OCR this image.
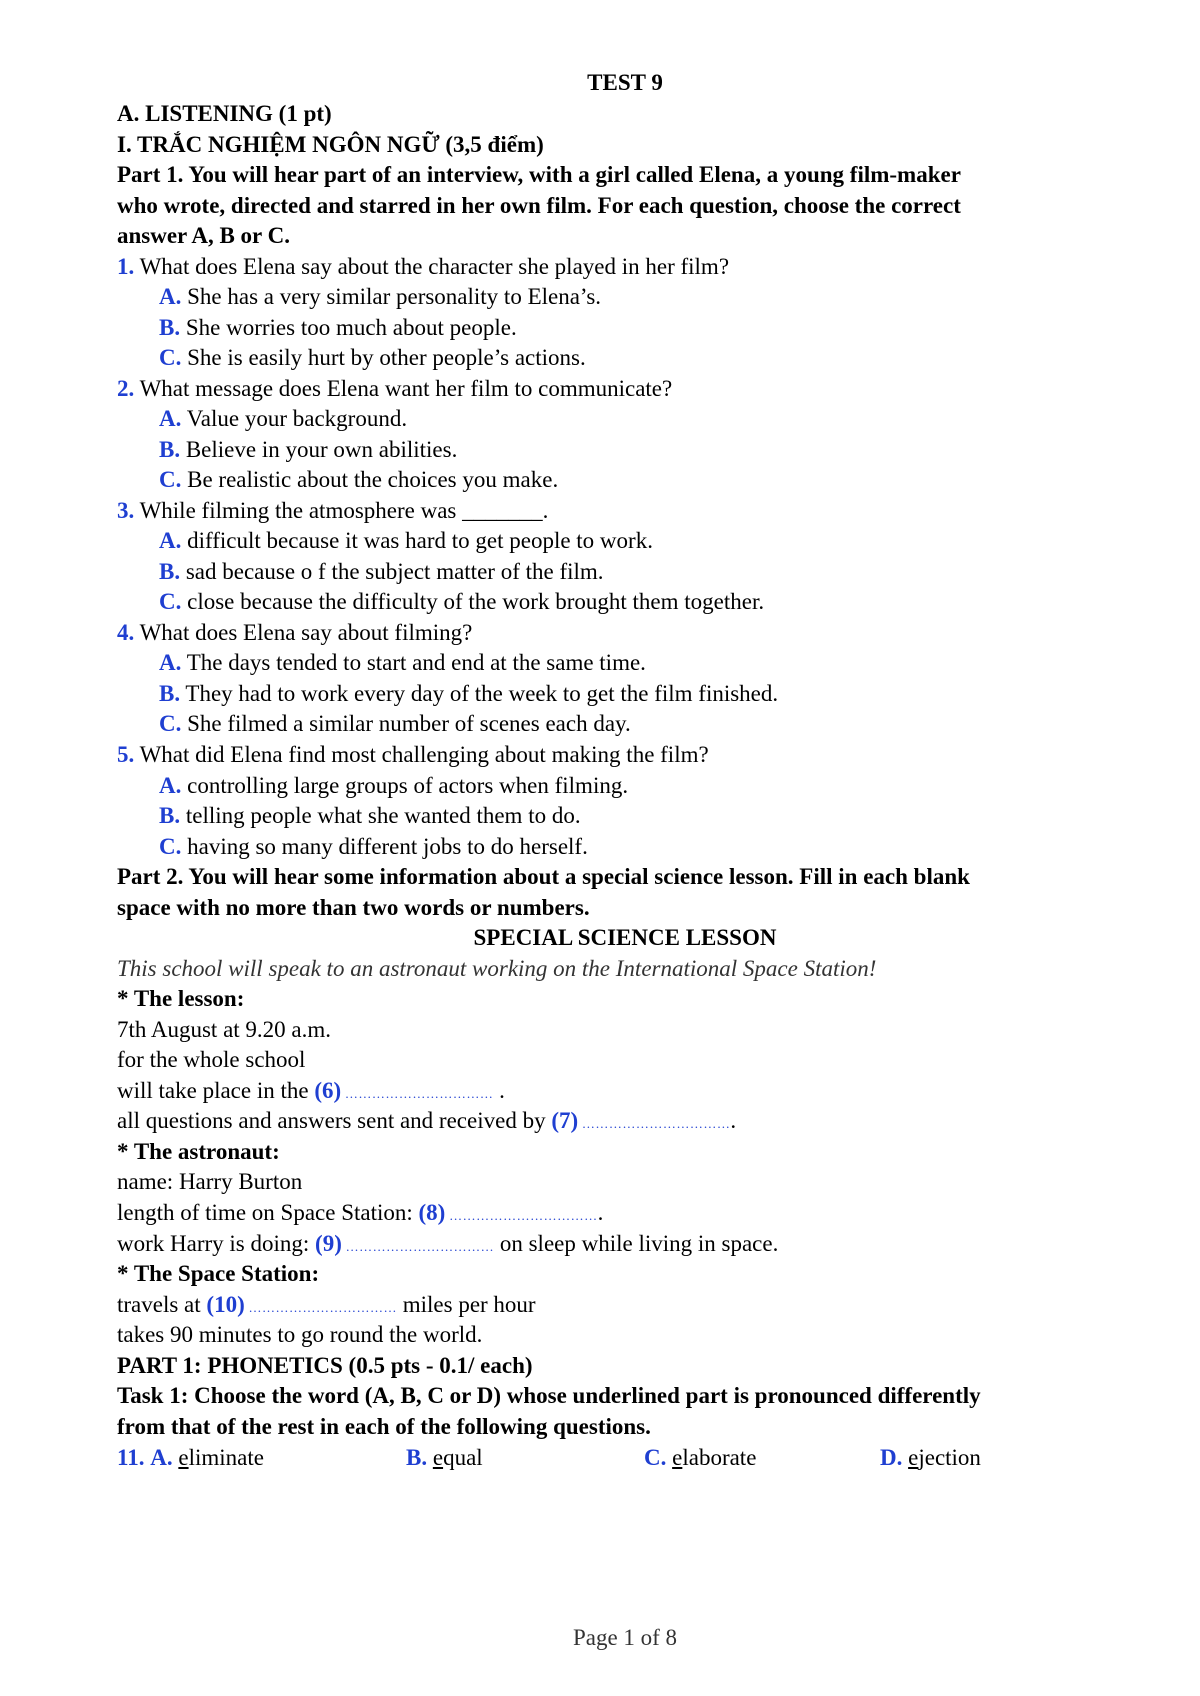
TEST 9
A. LISTENING (1 pt)
I. TRẮC NGHIỆM NGÔN NGỮ (3,5 điểm)
Part 1. You will hear part of an interview, with a girl called Elena, a young film-maker
who wrote, directed and starred in her own film. For each question, choose the correct
answer A, B or C.
1. What does Elena say about the character she played in her film?
A. She has a very similar personality to Elena’s.
B. She worries too much about people.
C. She is easily hurt by other people’s actions.
2. What message does Elena want her film to communicate?
A. Value your background.
B. Believe in your own abilities.
C. Be realistic about the choices you make.
3. While filming the atmosphere was _______.
A. difficult because it was hard to get people to work.
B. sad because o f the subject matter of the film.
C. close because the difficulty of the work brought them together.
4. What does Elena say about filming?
A. The days tended to start and end at the same time.
B. They had to work every day of the week to get the film finished.
C. She filmed a similar number of scenes each day.
5. What did Elena find most challenging about making the film?
A. controlling large groups of actors when filming.
B. telling people what she wanted them to do.
C. having so many different jobs to do herself.
Part 2. You will hear some information about a special science lesson. Fill in each blank
space with no more than two words or numbers.
SPECIAL SCIENCE LESSON
This school will speak to an astronaut working on the International Space Station!
* The lesson:
7th August at 9.20 a.m.
for the whole school
will take place in the (6) …………………………… .
all questions and answers sent and received by (7) …………………………….
* The astronaut:
name: Harry Burton
length of time on Space Station: (8) …………………………….
work Harry is doing: (9) …………………………… on sleep while living in space.
* The Space Station:
travels at (10) …………………………… miles per hour
takes 90 minutes to go round the world.
PART 1: PHONETICS (0.5 pts - 0.1/ each)
Task 1: Choose the word (A, B, C or D) whose underlined part is pronounced differently
from that of the rest in each of the following questions.
11. A. eliminate	B. equal	C. elaborate	D. ejection
Page 1 of 8
